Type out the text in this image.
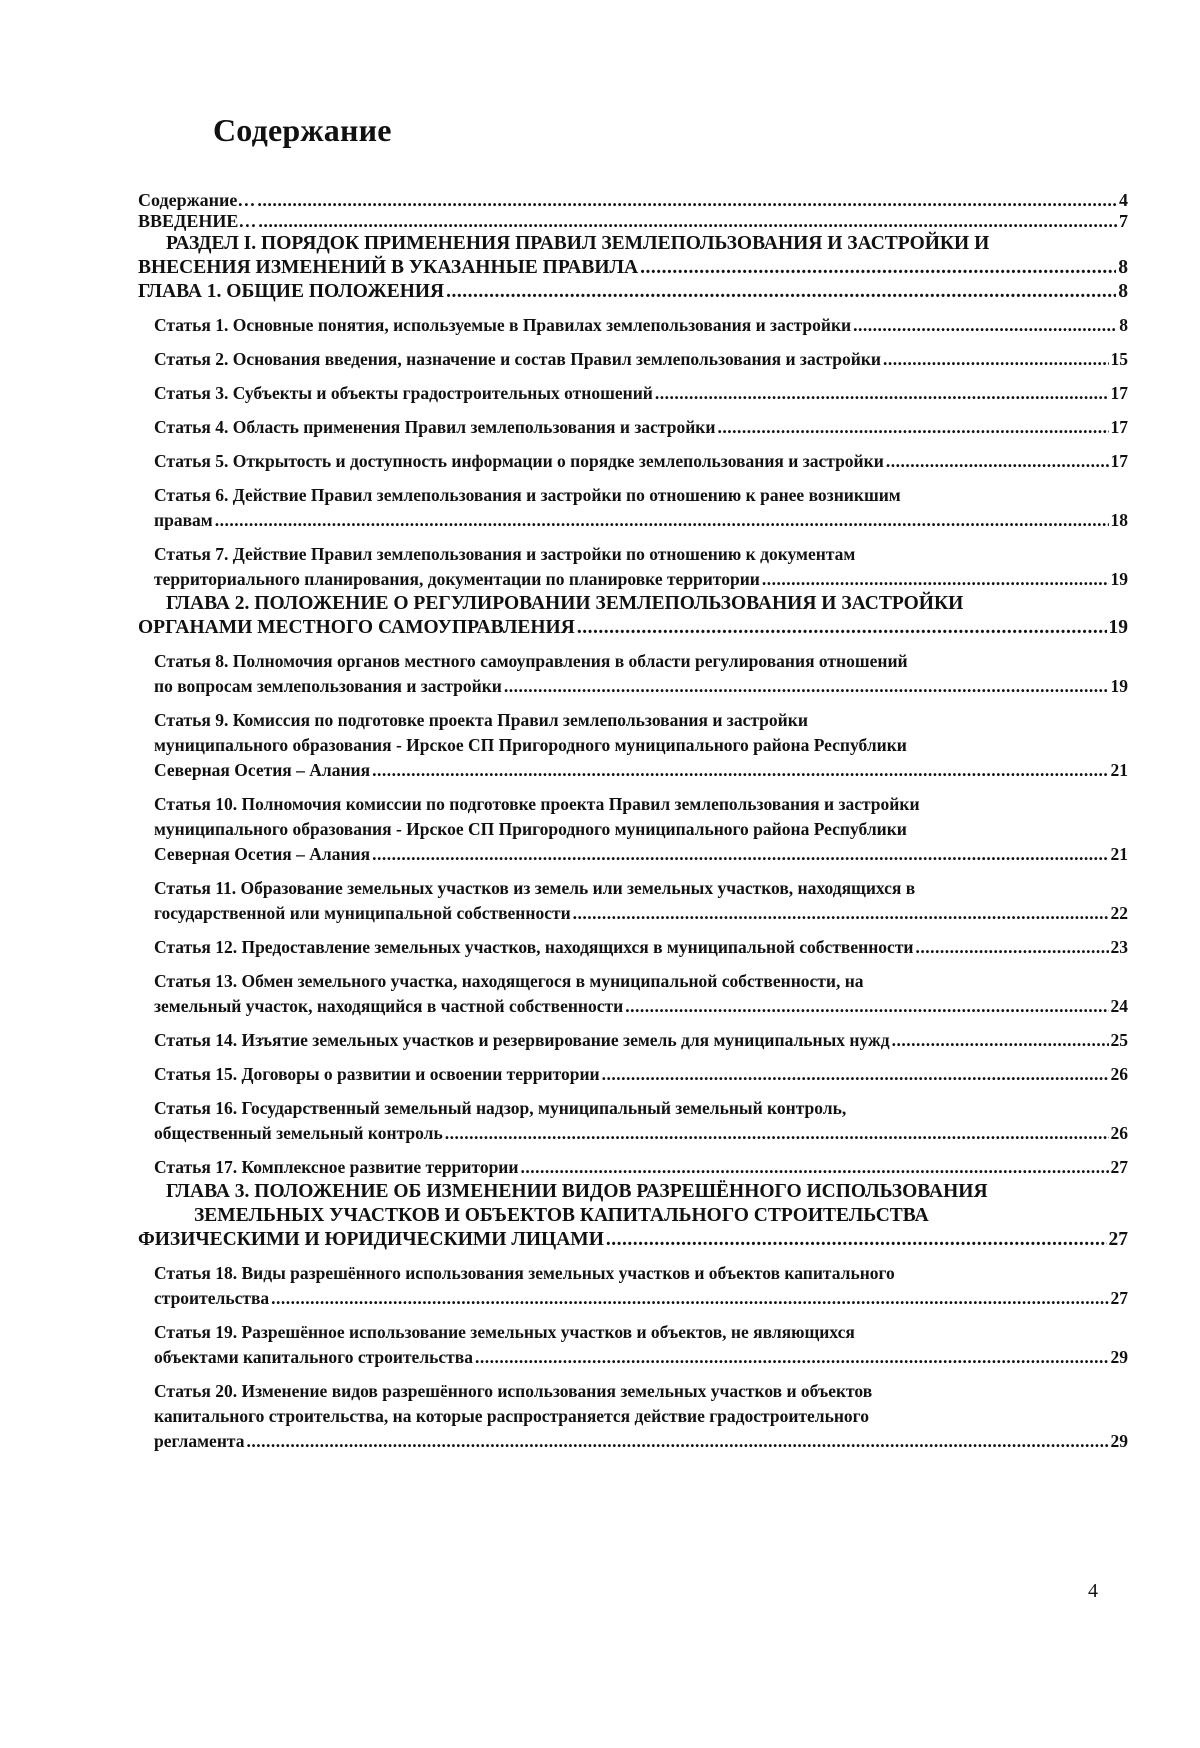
Содержание
Содержание… .....	4
ВВЕДЕНИЕ… .....	7
РАЗДЕЛ I. ПОРЯДОК ПРИМЕНЕНИЯ ПРАВИЛ ЗЕМЛЕПОЛЬЗОВАНИЯ И ЗАСТРОЙКИ И
ВНЕСЕНИЯ ИЗМЕНЕНИЙ В УКАЗАННЫЕ ПРАВИЛА .....	8
ГЛАВА 1. ОБЩИЕ ПОЛОЖЕНИЯ .....	8
Статья 1. Основные понятия, используемые в Правилах землепользования и застройки .....	8
Статья 2. Основания введения, назначение и состав Правил землепользования и застройки .....	15
Статья 3. Субъекты и объекты градостроительных отношений .....	17
Статья 4. Область применения Правил землепользования и застройки .....	17
Статья 5. Открытость и доступность информации о порядке землепользования и застройки .....	17
Статья 6. Действие Правил землепользования и застройки по отношению к ранее возникшим
правам .....	18
Статья 7. Действие Правил землепользования и застройки по отношению к документам
территориального планирования, документации по планировке территории .....	19
ГЛАВА 2. ПОЛОЖЕНИЕ О РЕГУЛИРОВАНИИ ЗЕМЛЕПОЛЬЗОВАНИЯ И ЗАСТРОЙКИ
ОРГАНАМИ МЕСТНОГО САМОУПРАВЛЕНИЯ .....	19
Статья 8. Полномочия органов местного самоуправления в области регулирования отношений
по вопросам землепользования и застройки .....	19
Статья 9. Комиссия по подготовке проекта Правил землепользования и застройки
муниципального образования - Ирское СП Пригородного муниципального района Республики
Северная Осетия – Алания .....	21
Статья 10. Полномочия комиссии по подготовке проекта Правил землепользования и застройки
муниципального образования - Ирское СП Пригородного муниципального района Республики
Северная Осетия – Алания .....	21
Статья 11. Образование земельных участков из земель или земельных участков, находящихся в
государственной или муниципальной собственности .....	22
Статья 12. Предоставление земельных участков, находящихся в муниципальной собственности .....	23
Статья 13. Обмен земельного участка, находящегося в муниципальной собственности, на
земельный участок, находящийся в частной собственности .....	24
Статья 14. Изъятие земельных участков и резервирование земель для муниципальных нужд .....	25
Статья 15. Договоры о развитии и освоении территории .....	26
Статья 16. Государственный земельный надзор, муниципальный земельный контроль,
общественный земельный контроль .....	26
Статья 17. Комплексное развитие территории .....	27
ГЛАВА 3. ПОЛОЖЕНИЕ ОБ ИЗМЕНЕНИИ ВИДОВ РАЗРЕШЁННОГО ИСПОЛЬЗОВАНИЯ
ЗЕМЕЛЬНЫХ УЧАСТКОВ И ОБЪЕКТОВ КАПИТАЛЬНОГО СТРОИТЕЛЬСТВА
ФИЗИЧЕСКИМИ И ЮРИДИЧЕСКИМИ ЛИЦАМИ .....	27
Статья 18. Виды разрешённого использования земельных участков и объектов капитального
строительства .....	27
Статья 19. Разрешённое использование земельных участков и объектов, не являющихся
объектами капитального строительства .....	29
Статья 20. Изменение видов разрешённого использования земельных участков и объектов
капитального строительства, на которые распространяется действие градостроительного
регламента .....	29
4
